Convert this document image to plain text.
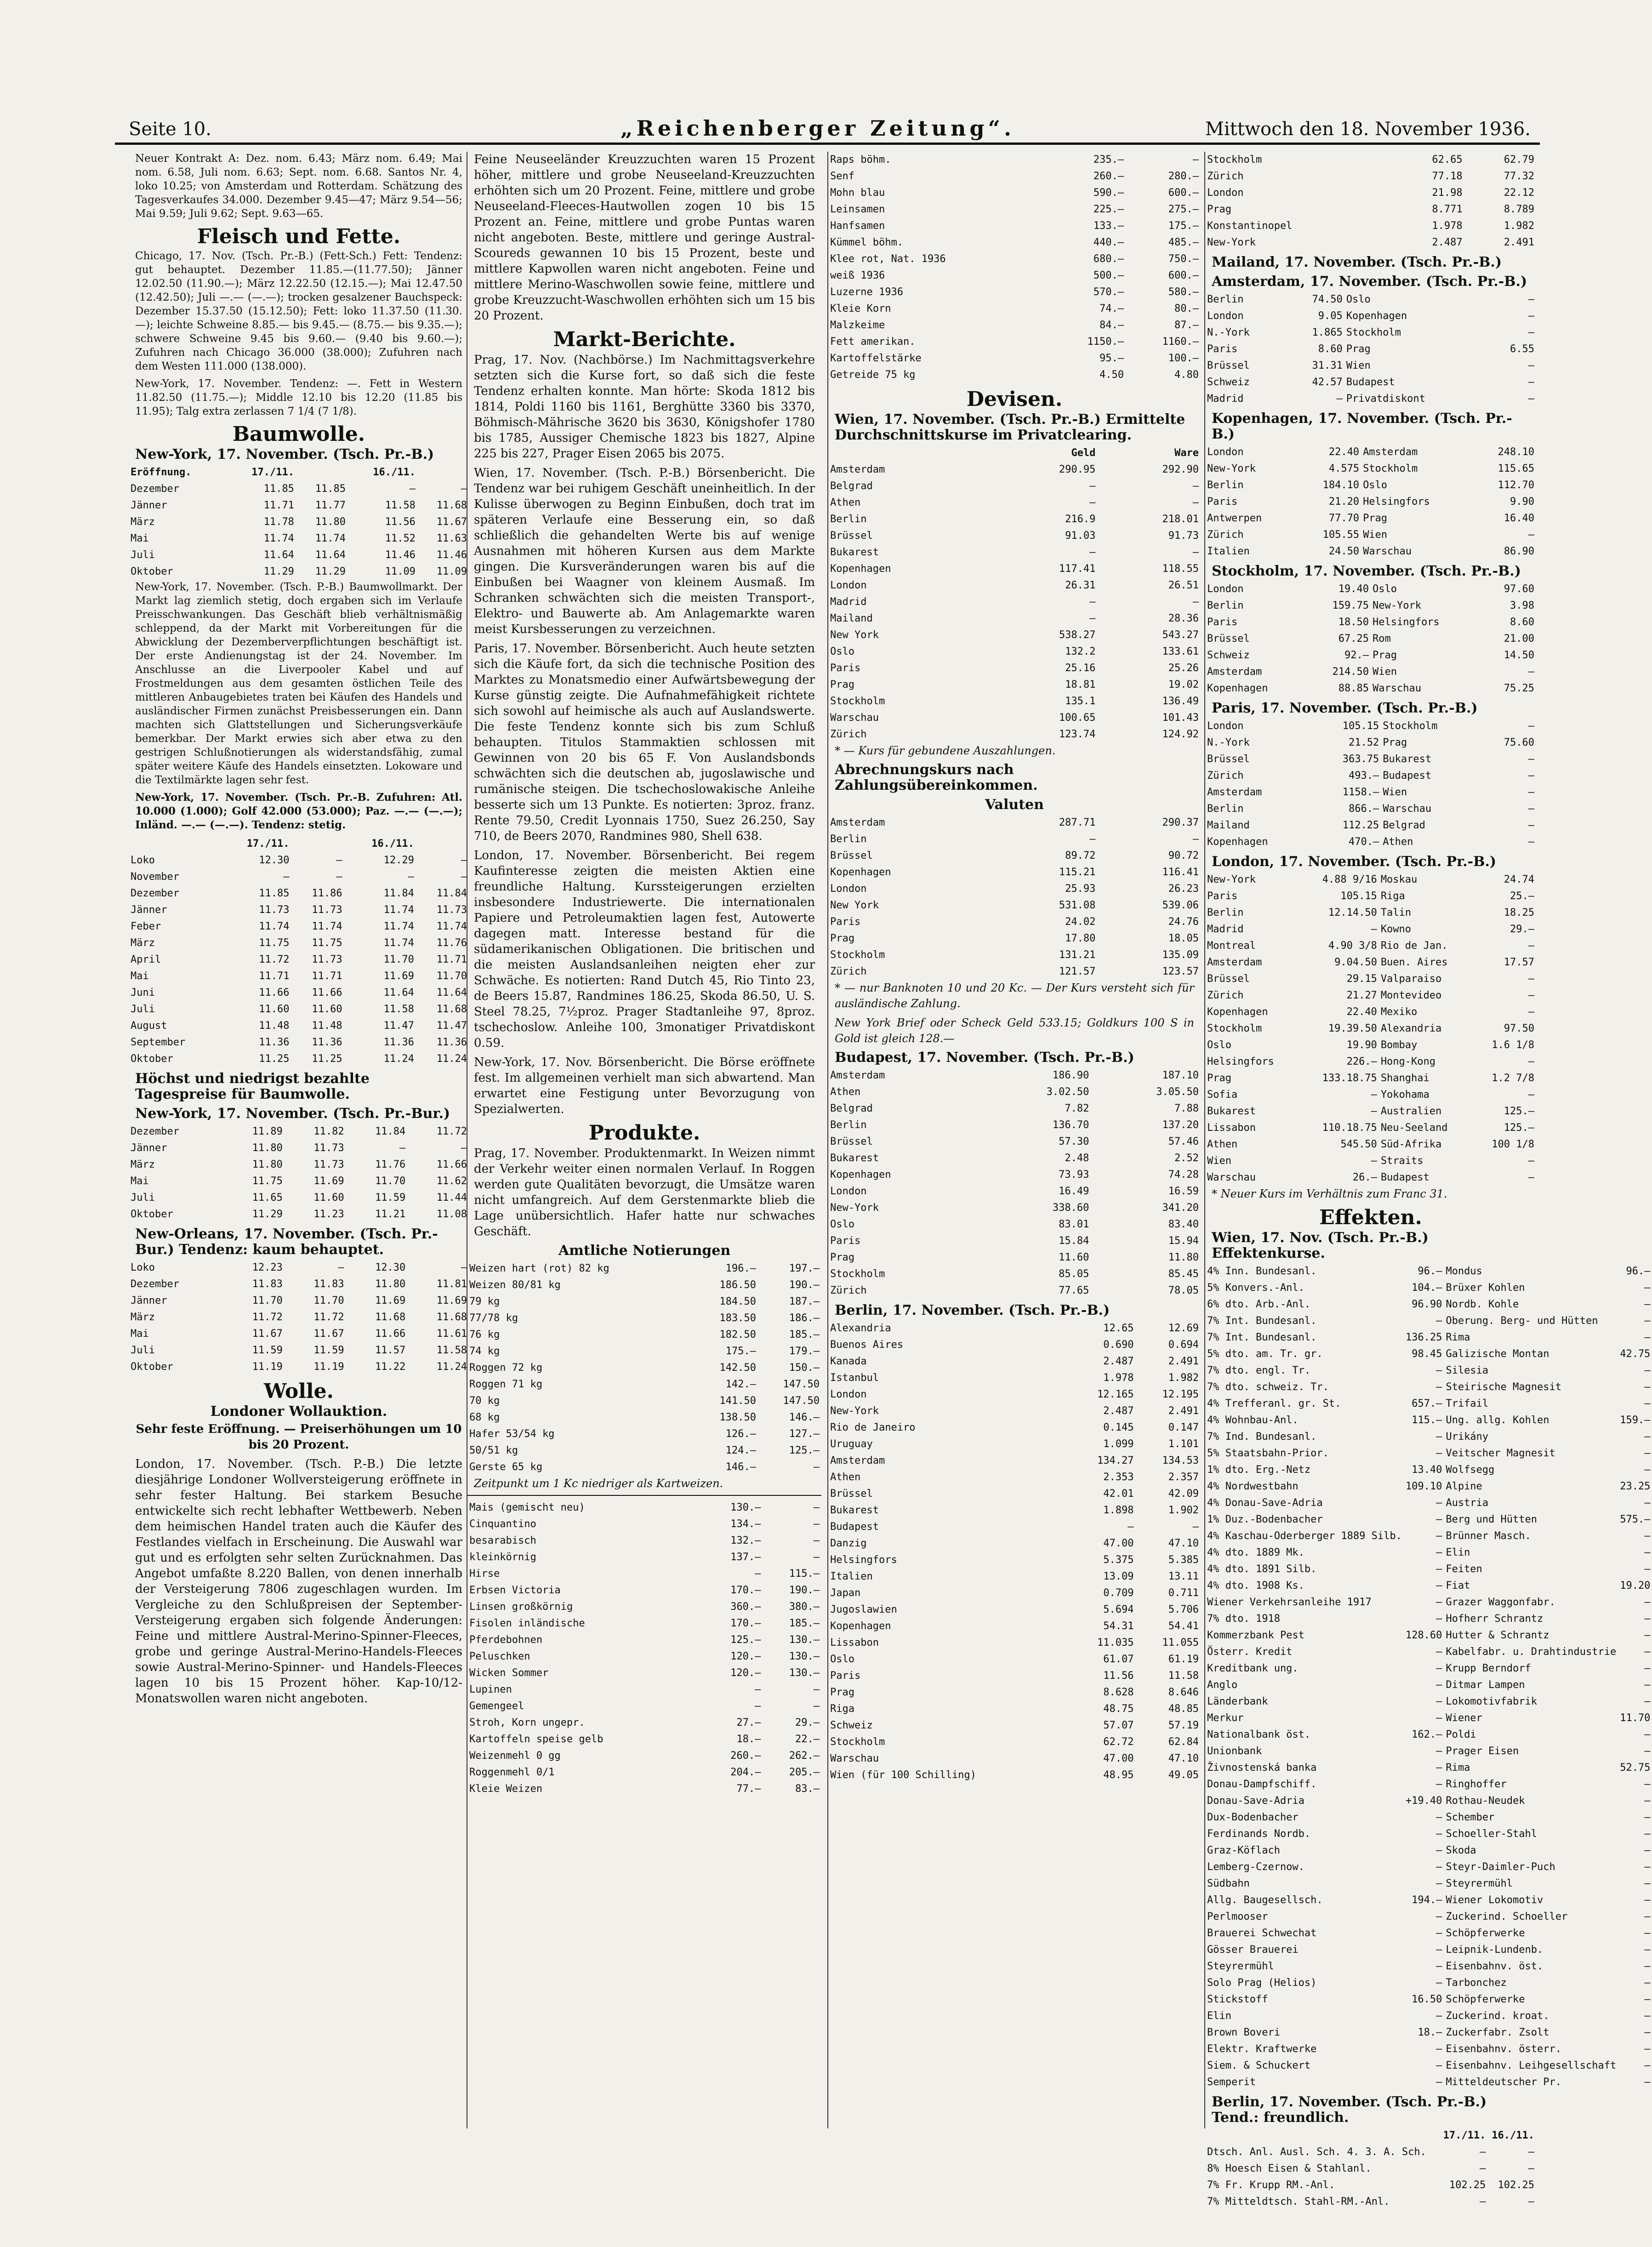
Seite 10.	„Reichenberger Zeitung“.	Mittwoch den 18. November 1936.

Neuer Kontrakt A: Dez. nom. 6.43; März nom. 6.49; Mai nom. 6.58, Juli nom. 6.63; Sept. nom. 6.68. Santos Nr. 4, loko 10.25; von Amsterdam und Rotterdam. Schätzung des Tagesverkaufes 34.000. Dezember 9.45—47; März 9.54—56; Mai 9.59; Juli 9.62; Sept. 9.63—65.

Fleisch und Fette.

Chicago, 17. Nov. (Tsch. Pr.-B.) (Fett-Sch.) Fett: Tendenz: gut behauptet. Dezember 11.85.—(11.77.50); Jänner 12.02.50 (11.90.—); März 12.22.50 (12.15.—); Mai 12.47.50 (12.42.50); Juli —.— (—.—); trocken gesalzener Bauchspeck: Dezember 15.37.50 (15.12.50); Fett: loko 11.37.50 (11.30.—); leichte Schweine 8.85.— bis 9.45.— (8.75.— bis 9.35.—); schwere Schweine 9.45 bis 9.60.— (9.40 bis 9.60.—); Zufuhren nach Chicago 36.000 (38.000); Zufuhren nach dem Westen 111.000 (138.000).

New-York, 17. November. Tendenz: —. Fett in Western 11.82.50 (11.75.—); Middle 12.10 bis 12.20 (11.85 bis 11.95); Talg extra zerlassen 7 1/4 (7 1/8).

Baumwolle.
New-York, 17. November. (Tsch. Pr.-B.)
Eröffnung.	17./11.		16./11.	
Dezember	11.85	11.85	—	—
Jänner	11.71	11.77	11.58	11.68
März	11.78	11.80	11.56	11.67
Mai	11.74	11.74	11.52	11.63
Juli	11.64	11.64	11.46	11.46
Oktober	11.29	11.29	11.09	11.09

New-York, 17. November. (Tsch. P.-B.) Baumwollmarkt. Der Markt lag ziemlich stetig, doch ergaben sich im Verlaufe Preisschwankungen. Das Geschäft blieb verhältnismäßig schleppend, da der Markt mit Vorbereitungen für die Abwicklung der Dezemberverpflichtungen beschäftigt ist. Der erste Andienungstag ist der 24. November. Im Anschlusse an die Liverpooler Kabel und auf Frostmeldungen aus dem gesamten östlichen Teile des mittleren Anbaugebietes traten bei Käufen des Handels und ausländischer Firmen zunächst Preisbesserungen ein. Dann machten sich Glattstellungen und Sicherungsverkäufe bemerkbar. Der Markt erwies sich aber etwa zu den gestrigen Schlußnotierungen als widerstandsfähig, zumal später weitere Käufe des Handels einsetzten. Lokoware und die Textilmärkte lagen sehr fest.

New-York, 17. November. (Tsch. Pr.-B. Zufuhren: Atl. 10.000 (1.000); Golf 42.000 (53.000); Paz. —.— (—.—); Inländ. —.— (—.—). Tendenz: stetig.

	17./11.		16./11.	
Loko	12.30	—	12.29	—
November	—	—	—	—
Dezember	11.85	11.86	11.84	11.84
Jänner	11.73	11.73	11.74	11.73
Feber	11.74	11.74	11.74	11.74
März	11.75	11.75	11.74	11.76
April	11.72	11.73	11.70	11.71
Mai	11.71	11.71	11.69	11.70
Juni	11.66	11.66	11.64	11.64
Juli	11.60	11.60	11.58	11.68
August	11.48	11.48	11.47	11.47
September	11.36	11.36	11.36	11.36
Oktober	11.25	11.25	11.24	11.24
Höchst und niedrigst bezahlte Tagespreise für Baumwolle.
New-York, 17. November. (Tsch. Pr.-Bur.)
Dezember	11.89	11.82	11.84	11.72
Jänner	11.80	11.73	—	—
März	11.80	11.73	11.76	11.66
Mai	11.75	11.69	11.70	11.62
Juli	11.65	11.60	11.59	11.44
Oktober	11.29	11.23	11.21	11.08
New-Orleans, 17. November. (Tsch. Pr.-Bur.) Tendenz: kaum behauptet.
Loko	12.23	—	12.30	—
Dezember	11.83	11.83	11.80	11.81
Jänner	11.70	11.70	11.69	11.69
März	11.72	11.72	11.68	11.68
Mai	11.67	11.67	11.66	11.61
Juli	11.59	11.59	11.57	11.58
Oktober	11.19	11.19	11.22	11.24
Wolle.
Londoner Wollauktion.

Sehr feste Eröffnung. — Preiserhöhungen um 10 bis 20 Prozent.

London, 17. November. (Tsch. P.-B.) Die letzte diesjährige Londoner Wollversteigerung eröffnete in sehr fester Haltung. Bei starkem Besuche entwickelte sich recht lebhafter Wettbewerb. Neben dem heimischen Handel traten auch die Käufer des Festlandes vielfach in Erscheinung. Die Auswahl war gut und es erfolgten sehr selten Zurücknahmen. Das Angebot umfaßte 8.220 Ballen, von denen innerhalb der Versteigerung 7806 zugeschlagen wurden. Im Vergleiche zu den Schlußpreisen der September-Versteigerung ergaben sich folgende Änderungen: Feine und mittlere Austral-Merino-Spinner-Fleeces, grobe und geringe Austral-Merino-Handels-Fleeces sowie Austral-Merino-Spinner- und Handels-Fleeces lagen 10 bis 15 Prozent höher. Kap-10/12-Monatswollen waren nicht angeboten.

Feine Neuseeländer Kreuzzuchten waren 15 Prozent höher, mittlere und grobe Neuseeland-Kreuzzuchten erhöhten sich um 20 Prozent. Feine, mittlere und grobe Neuseeland-Fleeces-Hautwollen zogen 10 bis 15 Prozent an. Feine, mittlere und grobe Puntas waren nicht angeboten. Beste, mittlere und geringe Austral-Scoureds gewannen 10 bis 15 Prozent, beste und mittlere Kapwollen waren nicht angeboten. Feine und mittlere Merino-Waschwollen sowie feine, mittlere und grobe Kreuzzucht-Waschwollen erhöhten sich um 15 bis 20 Prozent.

Markt-Berichte.

Prag, 17. Nov. (Nachbörse.) Im Nachmittagsverkehre setzten sich die Kurse fort, so daß sich die feste Tendenz erhalten konnte. Man hörte: Skoda 1812 bis 1814, Poldi 1160 bis 1161, Berghütte 3360 bis 3370, Böhmisch-Mährische 3620 bis 3630, Königshofer 1780 bis 1785, Aussiger Chemische 1823 bis 1827, Alpine 225 bis 227, Prager Eisen 2065 bis 2075.

Wien, 17. November. (Tsch. P.-B.) Börsenbericht. Die Tendenz war bei ruhigem Geschäft uneinheitlich. In der Kulisse überwogen zu Beginn Einbußen, doch trat im späteren Verlaufe eine Besserung ein, so daß schließlich die gehandelten Werte bis auf wenige Ausnahmen mit höheren Kursen aus dem Markte gingen. Die Kursveränderungen waren bis auf die Einbußen bei Waagner von kleinem Ausmaß. Im Schranken schwächten sich die meisten Transport-, Elektro- und Bauwerte ab. Am Anlagemarkte waren meist Kursbesserungen zu verzeichnen.

Paris, 17. November. Börsenbericht. Auch heute setzten sich die Käufe fort, da sich die technische Position des Marktes zu Monatsmedio einer Aufwärtsbewegung der Kurse günstig zeigte. Die Aufnahmefähigkeit richtete sich sowohl auf heimische als auch auf Auslandswerte. Die feste Tendenz konnte sich bis zum Schluß behaupten. Titulos Stammaktien schlossen mit Gewinnen von 20 bis 65 F. Von Auslandsbonds schwächten sich die deutschen ab, jugoslawische und rumänische steigen. Die tschechoslowakische Anleihe besserte sich um 13 Punkte. Es notierten: 3proz. franz. Rente 79.50, Credit Lyonnais 1750, Suez 26.250, Say 710, de Beers 2070, Randmines 980, Shell 638.

London, 17. November. Börsenbericht. Bei regem Kaufinteresse zeigten die meisten Aktien eine freundliche Haltung. Kurssteigerungen erzielten insbesondere Industriewerte. Die internationalen Papiere und Petroleumaktien lagen fest, Autowerte dagegen matt. Interesse bestand für die südamerikanischen Obligationen. Die britischen und die meisten Auslandsanleihen neigten eher zur Schwäche. Es notierten: Rand Dutch 45, Rio Tinto 23, de Beers 15.87, Randmines 186.25, Skoda 86.50, U. S. Steel 78.25, 7½proz. Prager Stadtanleihe 97, 8proz. tschechoslow. Anleihe 100, 3monatiger Privatdiskont 0.59.

New-York, 17. Nov. Börsenbericht. Die Börse eröffnete fest. Im allgemeinen verhielt man sich abwartend. Man erwartet eine Festigung unter Bevorzugung von Spezialwerten.

Produkte.

Prag, 17. November. Produktenmarkt. In Weizen nimmt der Verkehr weiter einen normalen Verlauf. In Roggen werden gute Qualitäten bevorzugt, die Umsätze waren nicht umfangreich. Auf dem Gerstenmarkte blieb die Lage unübersichtlich. Hafer hatte nur schwaches Geschäft.

Amtliche Notierungen
Weizen hart (rot) 82 kg	196.—	197.—
Weizen 80/81 kg	186.50	190.—
79 kg	184.50	187.—
77/78 kg	183.50	186.—
76 kg	182.50	185.—
74 kg	175.—	179.—
Roggen 72 kg	142.50	150.—
Roggen 71 kg	142.—	147.50
70 kg	141.50	147.50
68 kg	138.50	146.—
Hafer 53/54 kg	126.—	127.—
50/51 kg	124.—	125.—
Gerste 65 kg	146.—	—

Zeitpunkt um 1 Kc niedriger als Kartweizen.

Mais (gemischt neu)	130.—	—
Cinquantino	134.—	—
besarabisch	132.—	—
kleinkörnig	137.—	—
Hirse	—	115.—
Erbsen Victoria	170.—	190.—
Linsen großkörnig	360.—	380.—
Fisolen inländische	170.—	185.—
Pferdebohnen	125.—	130.—
Peluschken	120.—	130.—
Wicken Sommer	120.—	130.—
Lupinen	—	—
Gemengeel	—	—
Stroh, Korn ungepr.	27.—	29.—
Kartoffeln speise gelb	18.—	22.—
Weizenmehl 0 gg	260.—	262.—
Roggenmehl 0/1	204.—	205.—
Kleie Weizen	77.—	83.—
Raps böhm.	235.—	—
Senf	260.—	280.—
Mohn blau	590.—	600.—
Leinsamen	225.—	275.—
Hanfsamen	133.—	175.—
Kümmel böhm.	440.—	485.—
Klee rot, Nat. 1936	680.—	750.—
weiß 1936	500.—	600.—
Luzerne 1936	570.—	580.—
Kleie Korn	74.—	80.—
Malzkeime	84.—	87.—
Fett amerikan.	1150.—	1160.—
Kartoffelstärke	95.—	100.—
Getreide 75 kg	4.50	4.80
Devisen.
Wien, 17. November. (Tsch. Pr.-B.) Ermittelte Durchschnittskurse im Privatclearing.
	Geld	Ware
Amsterdam	290.95	292.90
Belgrad	—	—
Athen	—	—
Berlin	216.9	218.01
Brüssel	91.03	91.73
Bukarest	—	—
Kopenhagen	117.41	118.55
London	26.31	26.51
Madrid	—	—
Mailand	—	28.36
New York	538.27	543.27
Oslo	132.2	133.61
Paris	25.16	25.26
Prag	18.81	19.02
Stockholm	135.1	136.49
Warschau	100.65	101.43
Zürich	123.74	124.92

* — Kurs für gebundene Auszahlungen.

Abrechnungskurs nach Zahlungsübereinkommen.
Valuten
Amsterdam	287.71	290.37
Berlin	—	—
Brüssel	89.72	90.72
Kopenhagen	115.21	116.41
London	25.93	26.23
New York	531.08	539.06
Paris	24.02	24.76
Prag	17.80	18.05
Stockholm	131.21	135.09
Zürich	121.57	123.57

* — nur Banknoten 10 und 20 Kc. — Der Kurs versteht sich für ausländische Zahlung.

New York Brief oder Scheck Geld 533.15; Goldkurs 100 S in Gold ist gleich 128.—

Budapest, 17. November. (Tsch. Pr.-B.)
Amsterdam	186.90	187.10
Athen	3.02.50	3.05.50
Belgrad	7.82	7.88
Berlin	136.70	137.20
Brüssel	57.30	57.46
Bukarest	2.48	2.52
Kopenhagen	73.93	74.28
London	16.49	16.59
New-York	338.60	341.20
Oslo	83.01	83.40
Paris	15.84	15.94
Prag	11.60	11.80
Stockholm	85.05	85.45
Zürich	77.65	78.05
Berlin, 17. November. (Tsch. Pr.-B.)
Alexandria	12.65	12.69
Buenos Aires	0.690	0.694
Kanada	2.487	2.491
Istanbul	1.978	1.982
London	12.165	12.195
New-York	2.487	2.491
Rio de Janeiro	0.145	0.147
Uruguay	1.099	1.101
Amsterdam	134.27	134.53
Athen	2.353	2.357
Brüssel	42.01	42.09
Bukarest	1.898	1.902
Budapest	—	—
Danzig	47.00	47.10
Helsingfors	5.375	5.385
Italien	13.09	13.11
Japan	0.709	0.711
Jugoslawien	5.694	5.706
Kopenhagen	54.31	54.41
Lissabon	11.035	11.055
Oslo	61.07	61.19
Paris	11.56	11.58
Prag	8.628	8.646
Riga	48.75	48.85
Schweiz	57.07	57.19
Stockholm	62.72	62.84
Warschau	47.00	47.10
Wien (für 100 Schilling)	48.95	49.05
Stockholm	62.65	62.79
Zürich	77.18	77.32
London	21.98	22.12
Prag	8.771	8.789
Konstantinopel	1.978	1.982
New-York	2.487	2.491
Mailand, 17. November. (Tsch. Pr.-B.)
Amsterdam, 17. November. (Tsch. Pr.-B.)
Berlin	74.50	Oslo	—
London	9.05	Kopenhagen	—
N.-York	1.865	Stockholm	—
Paris	8.60	Prag	6.55
Brüssel	31.31	Wien	—
Schweiz	42.57	Budapest	—
Madrid	—	Privatdiskont	—
Kopenhagen, 17. November. (Tsch. Pr.-B.)
London	22.40	Amsterdam	248.10
New-York	4.575	Stockholm	115.65
Berlin	184.10	Oslo	112.70
Paris	21.20	Helsingfors	9.90
Antwerpen	77.70	Prag	16.40
Zürich	105.55	Wien	—
Italien	24.50	Warschau	86.90
Stockholm, 17. November. (Tsch. Pr.-B.)
London	19.40	Oslo	97.60
Berlin	159.75	New-York	3.98
Paris	18.50	Helsingfors	8.60
Brüssel	67.25	Rom	21.00
Schweiz	92.—	Prag	14.50
Amsterdam	214.50	Wien	—
Kopenhagen	88.85	Warschau	75.25
Paris, 17. November. (Tsch. Pr.-B.)
London	105.15	Stockholm	—
N.-York	21.52	Prag	75.60
Brüssel	363.75	Bukarest	—
Zürich	493.—	Budapest	—
Amsterdam	1158.—	Wien	—
Berlin	866.—	Warschau	—
Mailand	112.25	Belgrad	—
Kopenhagen	470.—	Athen	—
London, 17. November. (Tsch. Pr.-B.)
New-York	4.88 9/16	Moskau	24.74
Paris	105.15	Riga	25.—
Berlin	12.14.50	Talin	18.25
Madrid	—	Kowno	29.—
Montreal	4.90 3/8	Rio de Jan.	—
Amsterdam	9.04.50	Buen. Aires	17.57
Brüssel	29.15	Valparaiso	—
Zürich	21.27	Montevideo	—
Kopenhagen	22.40	Mexiko	—
Stockholm	19.39.50	Alexandria	97.50
Oslo	19.90	Bombay	1.6 1/8
Helsingfors	226.—	Hong-Kong	—
Prag	133.18.75	Shanghai	1.2 7/8
Sofia	—	Yokohama	—
Bukarest	—	Australien	125.—
Lissabon	110.18.75	Neu-Seeland	125.—
Athen	545.50	Süd-Afrika	100 1/8
Wien	—	Straits	—
Warschau	26.—	Budapest	—

* Neuer Kurs im Verhältnis zum Franc 31.

Effekten.
Wien, 17. Nov. (Tsch. Pr.-B.) Effektenkurse.
4% Inn. Bundesanl.	96.—	Mondus	96.—
5% Konvers.-Anl.	104.—	Brüxer Kohlen	—
6% dto. Arb.-Anl.	96.90	Nordb. Kohle	—
7% Int. Bundesanl.	—	Oberung. Berg- und Hütten	—
7% Int. Bundesanl.	136.25	Rima	—
5% dto. am. Tr. gr.	98.45	Galizische Montan	42.75
7% dto. engl. Tr.	—	Silesia	—
7% dto. schweiz. Tr.	—	Steirische Magnesit	—
4% Trefferanl. gr. St.	657.—	Trifail	—
4% Wohnbau-Anl.	115.—	Ung. allg. Kohlen	159.—
7% Ind. Bundesanl.	—	Urikány	—
5% Staatsbahn-Prior.	—	Veitscher Magnesit	—
1% dto. Erg.-Netz	13.40	Wolfsegg	—
4% Nordwestbahn	109.10	Alpine	23.25
4% Donau-Save-Adria	—	Austria	—
1% Duz.-Bodenbacher	—	Berg und Hütten	575.—
4% Kaschau-Oderberger 1889 Silb.	—	Brünner Masch.	—
4% dto. 1889 Mk.	—	Elin	—
4% dto. 1891 Silb.	—	Feiten	—
4% dto. 1908 Ks.	—	Fiat	19.20
Wiener Verkehrsanleihe 1917	—	Grazer Waggonfabr.	—
7% dto. 1918	—	Hofherr Schrantz	—
Kommerzbank Pest	128.60	Hutter & Schrantz	—
Österr. Kredit	—	Kabelfabr. u. Drahtindustrie	—
Kreditbank ung.	—	Krupp Berndorf	—
Anglo	—	Ditmar Lampen	—
Länderbank	—	Lokomotivfabrik	—
Merkur	—	Wiener	11.70
Nationalbank öst.	162.—	Poldi	—
Unionbank	—	Prager Eisen	—
Živnostenská banka	—	Rima	52.75
Donau-Dampfschiff.	—	Ringhoffer	—
Donau-Save-Adria	+19.40	Rothau-Neudek	—
Dux-Bodenbacher	—	Schember	—
Ferdinands Nordb.	—	Schoeller-Stahl	—
Graz-Köflach	—	Skoda	—
Lemberg-Czernow.	—	Steyr-Daimler-Puch	—
Südbahn	—	Steyrermühl	—
Allg. Baugesellsch.	194.—	Wiener Lokomotiv	—
Perlmooser	—	Zuckerind. Schoeller	—
Brauerei Schwechat	—	Schöpferwerke	—
Gösser Brauerei	—	Leipnik-Lundenb.	—
Steyrermühl	—	Eisenbahnv. öst.	—
Solo Prag (Helios)	—	Tarbonchez	—
Stickstoff	16.50	Schöpferwerke	—
Elin	—	Zuckerind. kroat.	—
Brown Boveri	18.—	Zuckerfabr. Zsolt	—
Elektr. Kraftwerke	—	Eisenbahnv. österr.	—
Siem. & Schuckert	—	Eisenbahnv. Leihgesellschaft	—
Semperit	—	Mitteldeutscher Pr.	—
Berlin, 17. November. (Tsch. Pr.-B.) Tend.: freundlich.
	17./11.	16./11.
Dtsch. Anl. Ausl. Sch. 4. 3. A. Sch.	—	—
8% Hoesch Eisen & Stahlanl.	—	—
7% Fr. Krupp RM.-Anl.	102.25	102.25
7% Mitteldtsch. Stahl-RM.-Anl.	—	—
